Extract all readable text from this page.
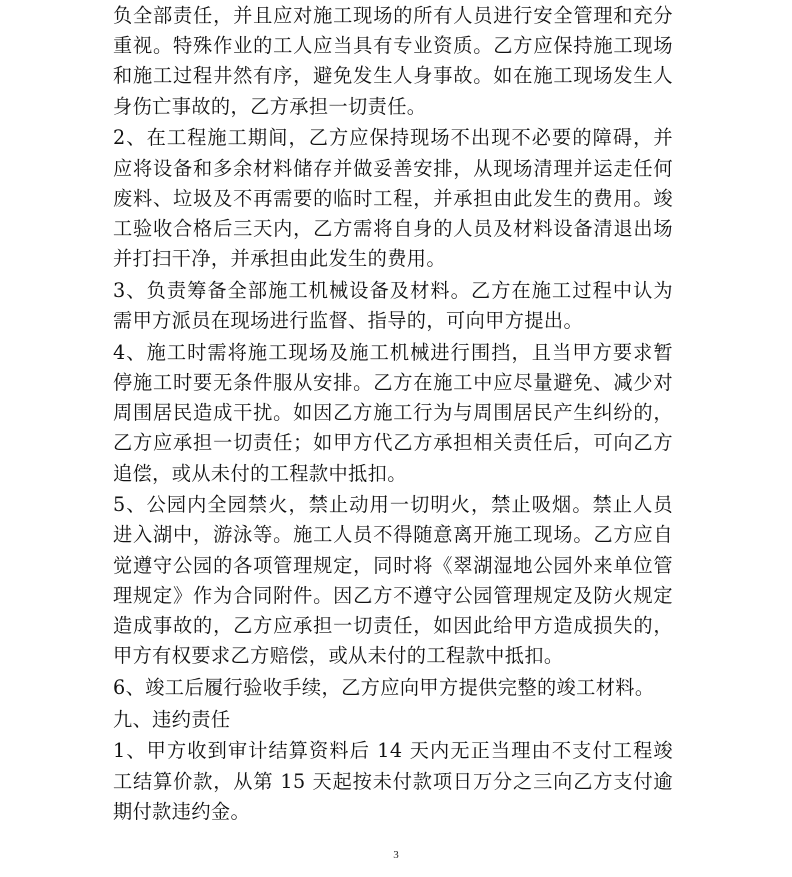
负全部责任，并且应对施工现场的所有人员进行安全管理和充分重视。特殊作业的工人应当具有专业资质。乙方应保持施工现场和施工过程井然有序，避免发生人身事故。如在施工现场发生人身伤亡事故的，乙方承担一切责任。

2、在工程施工期间，乙方应保持现场不出现不必要的障碍，并应将设备和多余材料储存并做妥善安排，从现场清理并运走任何废料、垃圾及不再需要的临时工程，并承担由此发生的费用。竣工验收合格后三天内，乙方需将自身的人员及材料设备清退出场并打扫干净，并承担由此发生的费用。

3、负责筹备全部施工机械设备及材料。乙方在施工过程中认为需甲方派员在现场进行监督、指导的，可向甲方提出。

4、施工时需将施工现场及施工机械进行围挡，且当甲方要求暂停施工时要无条件服从安排。乙方在施工中应尽量避免、减少对周围居民造成干扰。如因乙方施工行为与周围居民产生纠纷的，乙方应承担一切责任；如甲方代乙方承担相关责任后，可向乙方追偿，或从未付的工程款中抵扣。

5、公园内全园禁火，禁止动用一切明火，禁止吸烟。禁止人员进入湖中，游泳等。施工人员不得随意离开施工现场。乙方应自觉遵守公园的各项管理规定，同时将《翠湖湿地公园外来单位管理规定》作为合同附件。因乙方不遵守公园管理规定及防火规定造成事故的，乙方应承担一切责任，如因此给甲方造成损失的，甲方有权要求乙方赔偿，或从未付的工程款中抵扣。

6、竣工后履行验收手续，乙方应向甲方提供完整的竣工材料。

九、违约责任

1、甲方收到审计结算资料后 14 天内无正当理由不支付工程竣工结算价款，从第 15 天起按未付款项日万分之三向乙方支付逾期付款违约金。

3
